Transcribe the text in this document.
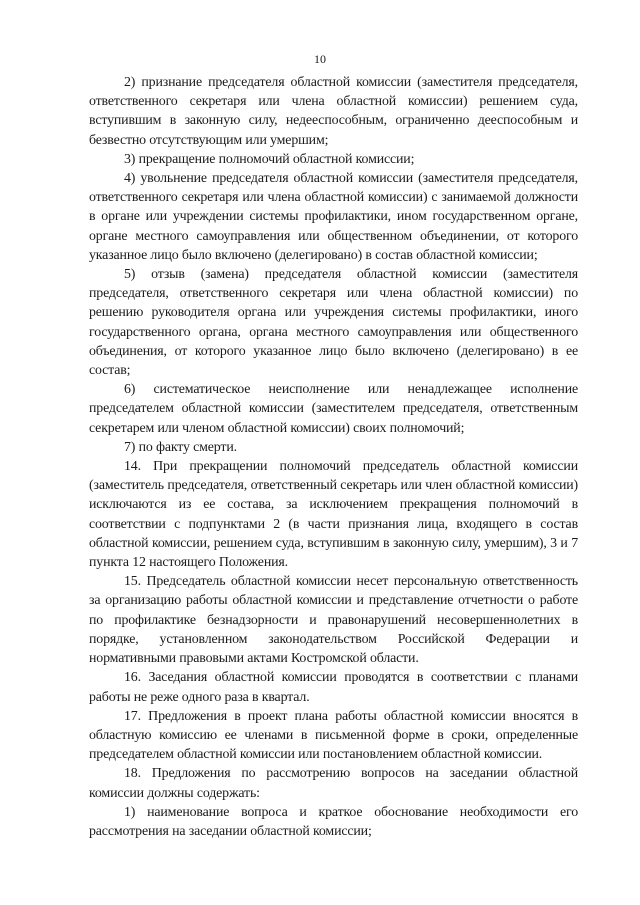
10

2) признание председателя областной комиссии (заместителя председателя, ответственного секретаря или члена областной комиссии) решением суда, вступившим в законную силу, недееспособным, ограниченно дееспособным и безвестно отсутствующим или умершим;

3) прекращение полномочий областной комиссии;

4) увольнение председателя областной комиссии (заместителя председателя, ответственного секретаря или члена областной комиссии) с занимаемой должности в органе или учреждении системы профилактики, ином государственном органе, органе местного самоуправления или общественном объединении, от которого указанное лицо было включено (делегировано) в состав областной комиссии;

5) отзыв (замена) председателя областной комиссии (заместителя председателя, ответственного секретаря или члена областной комиссии) по решению руководителя органа или учреждения системы профилактики, иного государственного органа, органа местного самоуправления или общественного объединения, от которого указанное лицо было включено (делегировано) в ее состав;

6) систематическое неисполнение или ненадлежащее исполнение председателем областной комиссии (заместителем председателя, ответственным секретарем или членом областной комиссии) своих полномочий;

7) по факту смерти.

14. При прекращении полномочий председатель областной комиссии (заместитель председателя, ответственный секретарь или член областной комиссии) исключаются из ее состава, за исключением прекращения полномочий в соответствии с подпунктами 2 (в части признания лица, входящего в состав областной комиссии, решением суда, вступившим в законную силу, умершим), 3 и 7 пункта 12 настоящего Положения.

15. Председатель областной комиссии несет персональную ответственность за организацию работы областной комиссии и представление отчетности о работе по профилактике безнадзорности и правонарушений несовершеннолетних в порядке, установленном законодательством Российской Федерации и нормативными правовыми актами Костромской области.

16. Заседания областной комиссии проводятся в соответствии с планами работы не реже одного раза в квартал.

17. Предложения в проект плана работы областной комиссии вносятся в областную комиссию ее членами в письменной форме в сроки, определенные председателем областной комиссии или постановлением областной комиссии.

18. Предложения по рассмотрению вопросов на заседании областной комиссии должны содержать:

1) наименование вопроса и краткое обоснование необходимости его рассмотрения на заседании областной комиссии;
